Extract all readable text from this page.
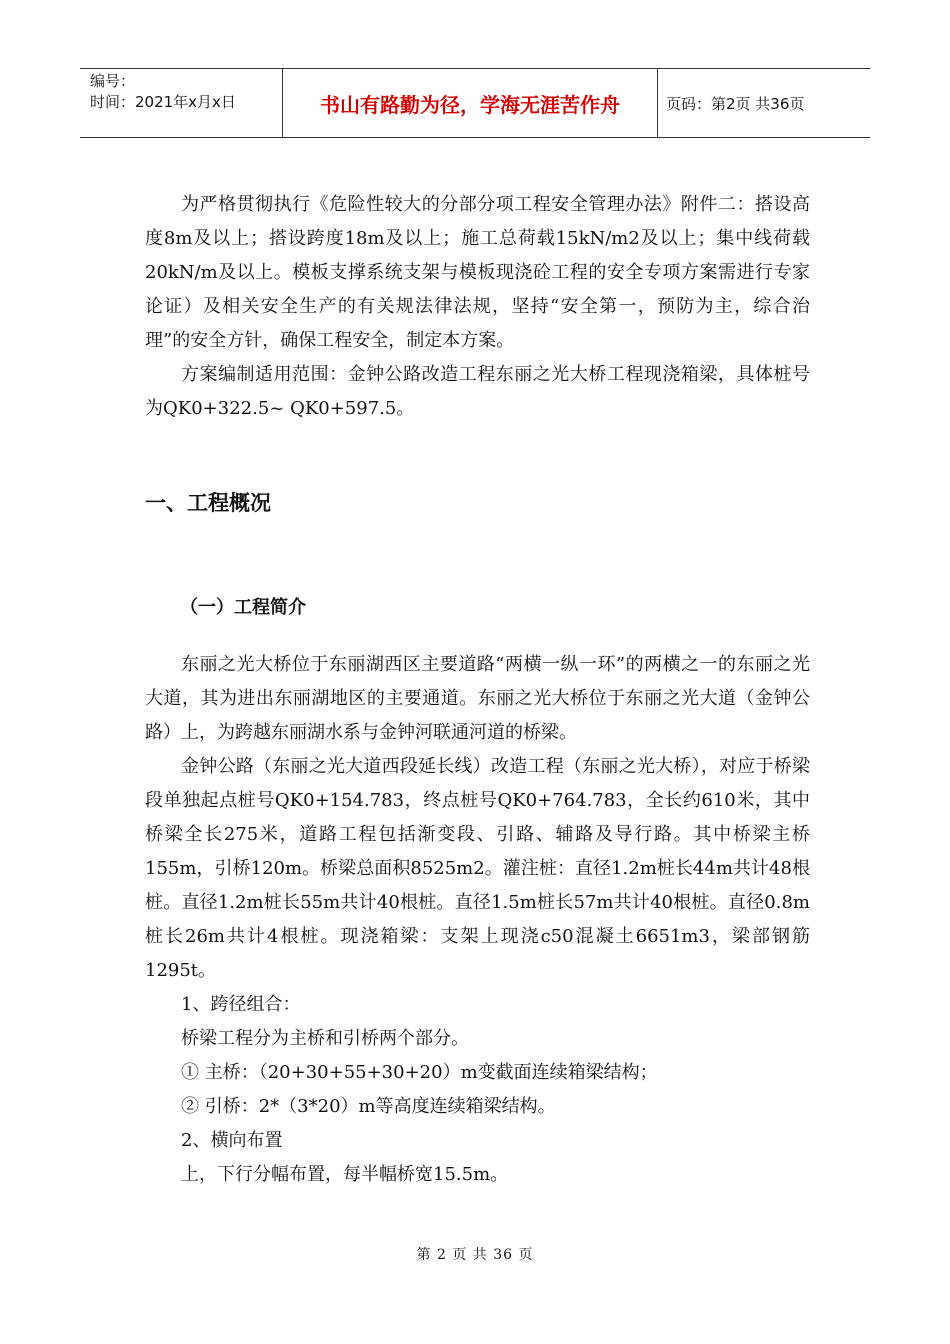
编号：
时间：2021年x月x日	书山有路勤为径，学海无涯苦作舟	页码：第2页 共36页

为严格贯彻执行《危险性较大的分部分项工程安全管理办法》附件二：搭设高度8m及以上；搭设跨度18m及以上；施工总荷载15kN/m2及以上；集中线荷载20kN/m及以上。模板支撑系统支架与模板现浇砼工程的安全专项方案需进行专家论证）及相关安全生产的有关规法律法规，坚持“安全第一，预防为主，综合治理”的安全方针，确保工程安全，制定本方案。

方案编制适用范围：金钟公路改造工程东丽之光大桥工程现浇箱梁，具体桩号为QK0+322.5~ QK0+597.5。

一、工程概况
（一）工程简介

东丽之光大桥位于东丽湖西区主要道路“两横一纵一环”的两横之一的东丽之光大道，其为进出东丽湖地区的主要通道。东丽之光大桥位于东丽之光大道（金钟公路）上，为跨越东丽湖水系与金钟河联通河道的桥梁。

金钟公路（东丽之光大道西段延长线）改造工程（东丽之光大桥），对应于桥梁段单独起点桩号QK0+154.783，终点桩号QK0+764.783，全长约610米，其中桥梁全长275米，道路工程包括渐变段、引路、辅路及导行路。其中桥梁主桥155m，引桥120m。桥梁总面积8525m2。灌注桩：直径1.2m桩长44m共计48根桩。直径1.2m桩长55m共计40根桩。直径1.5m桩长57m共计40根桩。直径0.8m桩长26m共计4根桩。现浇箱梁：支架上现浇c50混凝土6651m3，梁部钢筋1295t。

1、跨径组合：

桥梁工程分为主桥和引桥两个部分。

① 主桥：（20+30+55+30+20）m变截面连续箱梁结构；

② 引桥：2*（3*20）m等高度连续箱梁结构。

2、横向布置

上，下行分幅布置，每半幅桥宽15.5m。

第 2 页 共 36 页
